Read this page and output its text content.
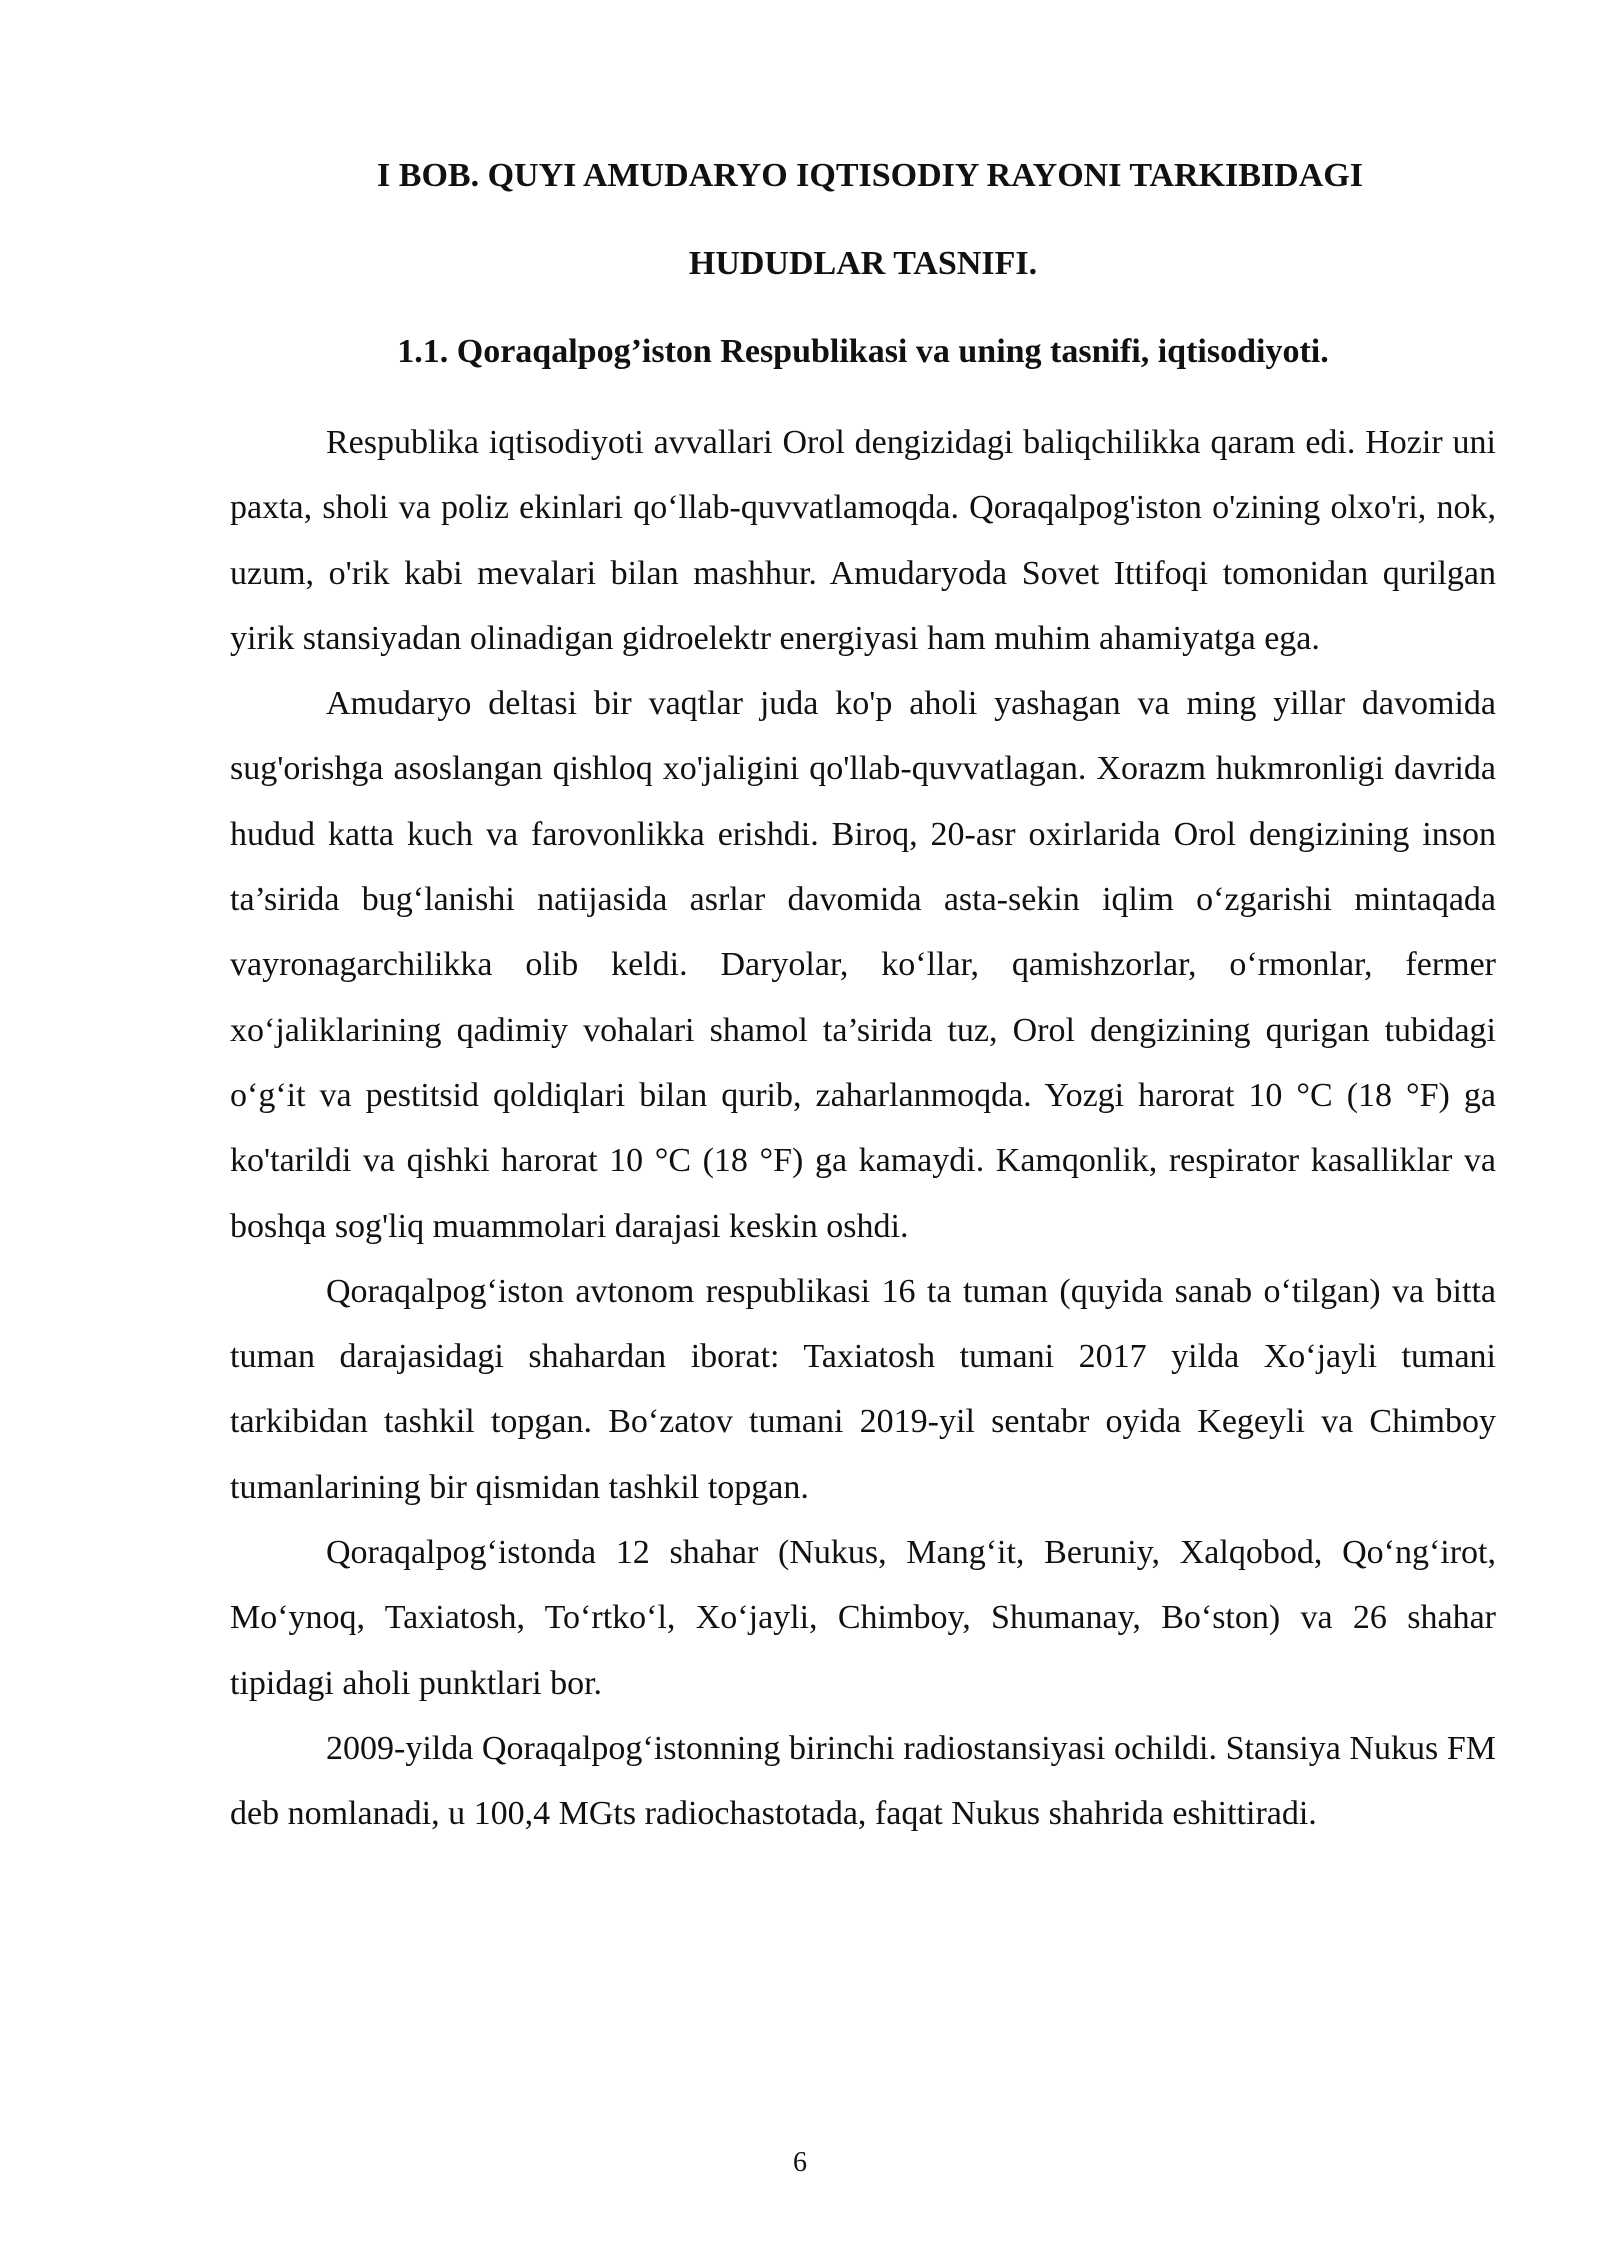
I BOB. QUYI AMUDARYO IQTISODIY RAYONI TARKIBIDAGI
HUDUDLAR TASNIFI.
1.1. Qoraqalpog’iston Respublikasi va uning tasnifi, iqtisodiyoti.

Respublika iqtisodiyoti avvallari Orol dengizidagi baliqchilikka qaram edi. Hozir uni paxta, sholi va poliz ekinlari qo‘llab-quvvatlamoqda. Qoraqalpog'iston o'zining olxo'ri, nok, uzum, o'rik kabi mevalari bilan mashhur. Amudaryoda Sovet Ittifoqi tomonidan qurilgan yirik stansiyadan olinadigan gidroelektr energiyasi ham muhim ahamiyatga ega.

Amudaryo deltasi bir vaqtlar juda ko'p aholi yashagan va ming yillar davomida sug'orishga asoslangan qishloq xo'jaligini qo'llab-quvvatlagan. Xorazm hukmronligi davrida hudud katta kuch va farovonlikka erishdi. Biroq, 20-asr oxirlarida Orol dengizining inson ta’sirida bug‘lanishi natijasida asrlar davomida asta-sekin iqlim o‘zgarishi mintaqada vayronagarchilikka olib keldi. Daryolar, ko‘llar, qamishzorlar, o‘rmonlar, fermer xo‘jaliklarining qadimiy vohalari shamol ta’sirida tuz, Orol dengizining qurigan tubidagi o‘g‘it va pestitsid qoldiqlari bilan qurib, zaharlanmoqda. Yozgi harorat 10 °C (18 °F) ga ko'tarildi va qishki harorat 10 °C (18 °F) ga kamaydi. Kamqonlik, respirator kasalliklar va boshqa sog'liq muammolari darajasi keskin oshdi.

Qoraqalpog‘iston avtonom respublikasi 16 ta tuman (quyida sanab o‘tilgan) va bitta tuman darajasidagi shahardan iborat: Taxiatosh tumani 2017 yilda Xo‘jayli tumani tarkibidan tashkil topgan. Bo‘zatov tumani 2019-yil sentabr oyida Kegeyli va Chimboy tumanlarining bir qismidan tashkil topgan.

Qoraqalpog‘istonda 12 shahar (Nukus, Mang‘it, Beruniy, Xalqobod, Qo‘ng‘irot, Mo‘ynoq, Taxiatosh, To‘rtko‘l, Xo‘jayli, Chimboy, Shumanay, Bo‘ston) va 26 shahar tipidagi aholi punktlari bor.

2009-yilda Qoraqalpog‘istonning birinchi radiostansiyasi ochildi. Stansiya Nukus FM deb nomlanadi, u 100,4 MGts radiochastotada, faqat Nukus shahrida eshittiradi.

6
